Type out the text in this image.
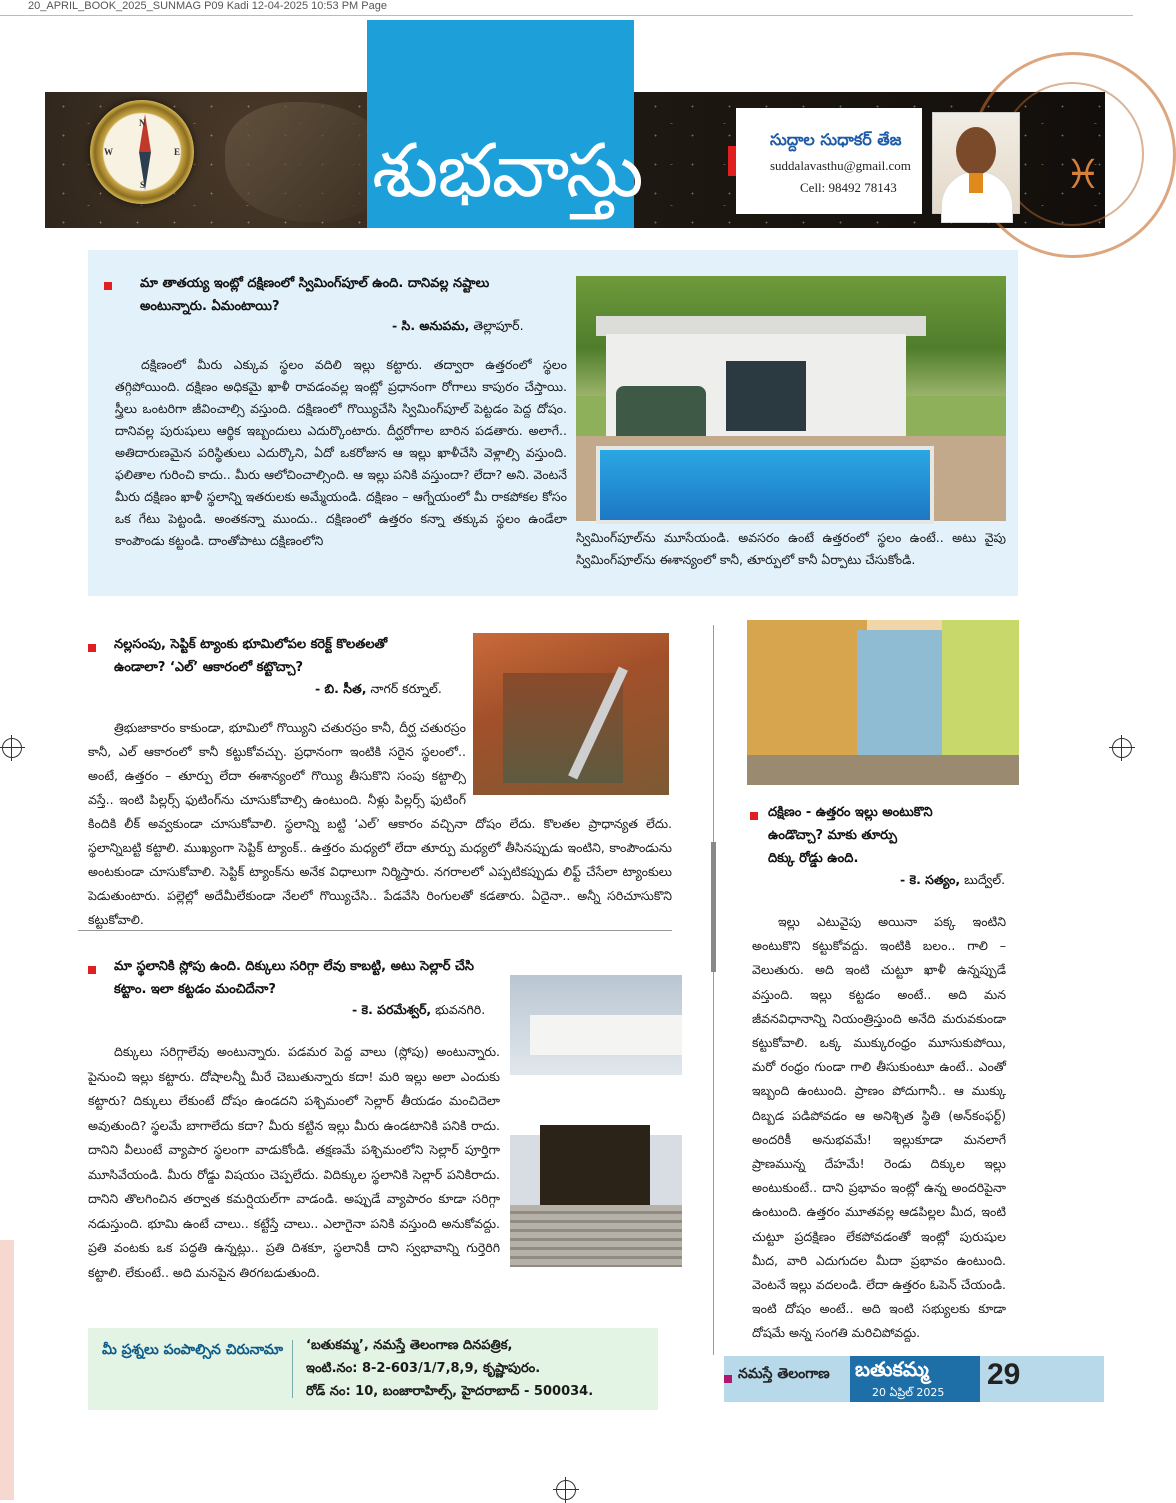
20_APRIL_BOOK_2025_SUNMAG P09 Kadi 12-04-2025 10:53 PM Page
N
E
S
W	♓
శుభవాస్తు	సుద్దాల సుధాకర్ తేజ
suddalavasthu@gmail.com
Cell: 98492 78143
మా తాతయ్య ఇంట్లో దక్షిణంలో స్విమింగ్‌పూల్ ఉంది. దానివల్ల నష్టాలు
అంటున్నారు. ఏమంటాయి?
- సి. అనుపమ, తెల్లాపూర్.
దక్షిణంలో మీరు ఎక్కువ స్థలం వదిలి ఇల్లు కట్టారు. తద్వారా ఉత్తరంలో స్థలం తగ్గిపోయింది. దక్షిణం అధికమై ఖాళీ రావడంవల్ల ఇంట్లో ప్రధానంగా రోగాలు కాపురం చేస్తాయి. స్త్రీలు ఒంటరిగా జీవించాల్సి వస్తుంది. దక్షిణంలో గొయ్యిచేసి స్విమింగ్‌పూల్ పెట్టడం పెద్ద దోషం. దానివల్ల పురుషులు ఆర్థిక ఇబ్బందులు ఎదుర్కొంటారు. దీర్ఘరోగాల బారిన పడతారు. అలాగే.. అతిదారుణమైన పరిస్థితులు ఎదుర్కొని, ఏదో ఒకరోజున ఆ ఇల్లు ఖాళీచేసి వెళ్లాల్సి వస్తుంది. ఫలితాల గురించి కాదు.. మీరు ఆలోచించాల్సింది. ఆ ఇల్లు పనికి వస్తుందా? లేదా? అని. వెంటనే మీరు దక్షిణం ఖాళీ స్థలాన్ని ఇతరులకు అమ్మేయండి. దక్షిణం – ఆగ్నేయంలో మీ రాకపోకల కోసం ఒక గేటు పెట్టండి. అంతకన్నా ముందు.. దక్షిణంలో ఉత్తరం కన్నా తక్కువ స్థలం ఉండేలా కాంపౌండు కట్టండి. దాంతోపాటు దక్షిణంలోని	స్విమింగ్‌పూల్‌ను మూసేయండి. అవసరం ఉంటే ఉత్తరంలో స్థలం ఉంటే.. అటు వైపు స్విమింగ్‌పూల్‌ను ఈశాన్యంలో కానీ, తూర్పులో కానీ ఏర్పాటు చేసుకోండి.
నల్లసంపు, సెప్టిక్ ట్యాంకు భూమిలోపల కరెక్ట్ కొలతలతో
ఉండాలా? ‘ఎల్’ ఆకారంలో కట్టొచ్చా?
- బి. సీత, నాగర్ కర్నూల్.
త్రిభుజాకారం కాకుండా, భూమిలో గొయ్యిని చతురస్రం కానీ, దీర్ఘ చతురస్రం కానీ, ఎల్ ఆకారంలో కానీ కట్టుకోవచ్చు. ప్రధానంగా ఇంటికి సరైన స్థలంలో.. అంటే, ఉత్తరం – తూర్పు లేదా ఈశాన్యంలో గొయ్యి తీసుకొని సంపు కట్టాల్సి వస్తే.. ఇంటి పిల్లర్స్ ఫుటింగ్‌ను చూసుకోవాల్సి ఉంటుంది. నీళ్లు పిల్లర్స్ ఫుటింగ్ కిందికి లీక్ అవ్వకుండా చూసుకోవాలి. స్థలాన్ని బట్టి ‘ఎల్’ ఆకారం వచ్చినా దోషం లేదు. కొలతల ప్రాధాన్యత లేదు. స్థలాన్నిబట్టి కట్టాలి. ముఖ్యంగా సెప్టిక్ ట్యాంక్.. ఉత్తరం మధ్యలో లేదా తూర్పు మధ్యలో తీసినప్పుడు ఇంటిని, కాంపౌండును అంటకుండా చూసుకోవాలి. సెప్టిక్ ట్యాంక్‌ను అనేక విధాలుగా నిర్మిస్తారు. నగరాలలో ఎప్పటికప్పుడు లిఫ్ట్ చేసేలా ట్యాంకులు పెడుతుంటారు. పల్లెల్లో అదేమీలేకుండా నేలలో గొయ్యిచేసి.. పేడవేసి రింగులతో కడతారు. ఏదైనా.. అన్నీ సరిచూసుకొని కట్టుకోవాలి.
మా స్థలానికి స్లోపు ఉంది. దిక్కులు సరిగ్గా లేవు కాబట్టి, అటు సెల్లార్ చేసి
కట్టాం. ఇలా కట్టడం మంచిదేనా?
- కె. పరమేశ్వర్, భువనగిరి.
దిక్కులు సరిగ్గాలేవు అంటున్నారు. పడమర పెద్ద వాలు (స్లోపు) అంటున్నారు. పైనుంచి ఇల్లు కట్టారు. దోషాలన్నీ మీరే చెబుతున్నారు కదా! మరి ఇల్లు అలా ఎందుకు కట్టారు? దిక్కులు లేకుంటే దోషం ఉండదని పశ్చిమంలో సెల్లార్ తీయడం మంచిదెలా అవుతుంది? స్థలమే బాగాలేదు కదా? మీరు కట్టిన ఇల్లు మీరు ఉండటానికి పనికి రాదు. దానిని వీలుంటే వ్యాపార స్థలంగా వాడుకోండి. తక్షణమే పశ్చిమంలోని సెల్లార్ పూర్తిగా మూసివేయండి. మీరు రోడ్డు విషయం చెప్పలేదు. విదిక్కుల స్థలానికి సెల్లార్ పనికిరాదు. దానిని తొలగించిన తర్వాత కమర్షియల్‌గా వాడండి. అప్పుడే వ్యాపారం కూడా సరిగ్గా నడుస్తుంది. భూమి ఉంటే చాలు.. కట్టేస్తే చాలు.. ఎలాగైనా పనికి వస్తుంది అనుకోవద్దు. ప్రతి వంటకు ఒక పద్ధతి ఉన్నట్లు.. ప్రతి దిశకూ, స్థలానికీ దాని స్వభావాన్ని గుర్తెరిగి కట్టాలి. లేకుంటే.. అది మనపైన తిరగబడుతుంది.
దక్షిణం - ఉత్తరం ఇల్లు అంటుకొని
ఉండొచ్చా? మాకు తూర్పు
దిక్కు రోడ్డు ఉంది.
- కె. సత్యం, బుద్వేల్.
ఇల్లు ఎటువైపు అయినా పక్క ఇంటిని అంటుకొని కట్టుకోవద్దు. ఇంటికి బలం.. గాలి – వెలుతురు. అది ఇంటి చుట్టూ ఖాళీ ఉన్నప్పుడే వస్తుంది. ఇల్లు కట్టడం అంటే.. అది మన జీవనవిధానాన్ని నియంత్రిస్తుంది అనేది మరువకుండా కట్టుకోవాలి. ఒక్క ముక్కురంధ్రం మూసుకుపోయి, మరో రంధ్రం గుండా గాలి తీసుకుంటూ ఉంటే.. ఎంతో ఇబ్బంది ఉంటుంది. ప్రాణం పోదుగానీ.. ఆ ముక్కు దిబ్బడ పడిపోవడం ఆ అనిశ్చిత స్థితి (అన్‌కంఫర్ట్) అందరికీ అనుభవమే! ఇల్లుకూడా మనలాగే ప్రాణమున్న దేహమే! రెండు దిక్కుల ఇల్లు అంటుకుంటే.. దాని ప్రభావం ఇంట్లో ఉన్న అందరిపైనా ఉంటుంది. ఉత్తరం మూతవల్ల ఆడపిల్లల మీద, ఇంటి చుట్టూ ప్రదక్షిణం లేకపోవడంతో ఇంట్లో పురుషుల మీద, వారి ఎదుగుదల మీదా ప్రభావం ఉంటుంది. వెంటనే ఇల్లు వదలండి. లేదా ఉత్తరం ఓపెన్ చేయండి. ఇంటి దోషం అంటే.. అది ఇంటి సభ్యులకు కూడా దోషమే అన్న సంగతి మరిచిపోవద్దు.
మీ ప్రశ్నలు పంపాల్సిన చిరునామా ‘బతుకమ్మ’, నమస్తే తెలంగాణ దినపత్రిక,
ఇంటి.నం: 8-2-603/1/7,8,9, కృష్ణాపురం.
రోడ్ నం: 10, బంజారాహిల్స్, హైదరాబాద్ - 500034.
నమస్తే తెలంగాణ బతుకమ్మ
20 ఏప్రిల్ 2025
29
